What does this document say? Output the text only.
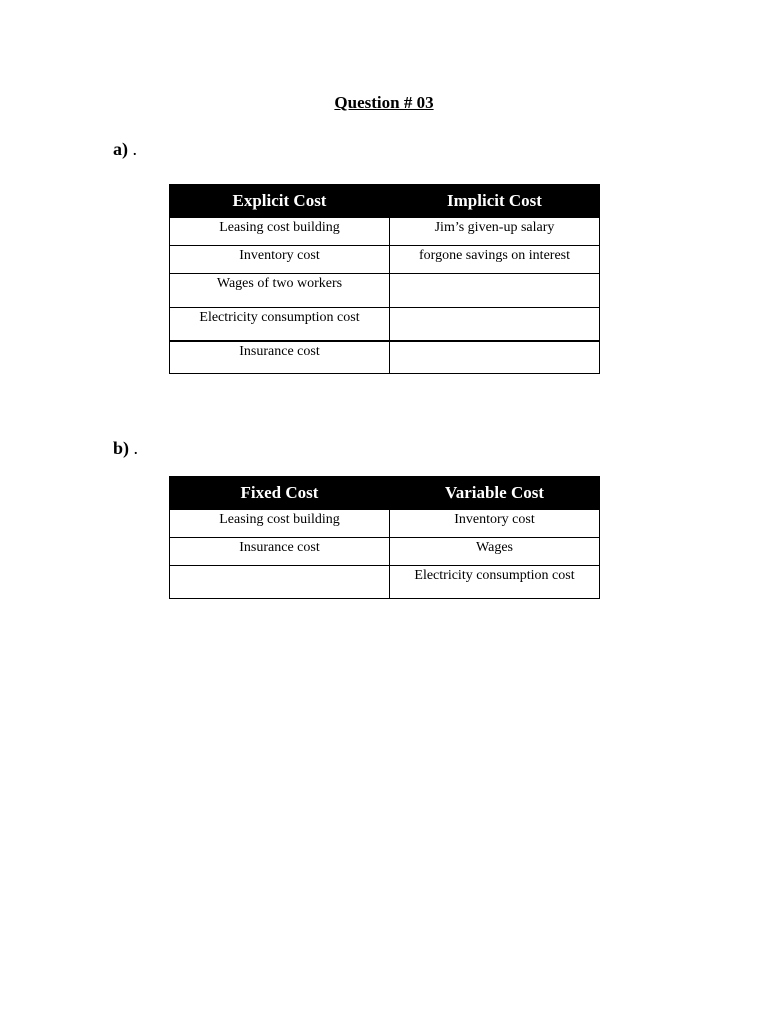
Question # 03

a) .

Explicit Cost	Implicit Cost
Leasing cost building	Jim’s given-up salary
Inventory cost	forgone savings on interest
Wages of two workers	
Electricity consumption cost	
Insurance cost	

b) .

Fixed Cost	Variable Cost
Leasing cost building	Inventory cost
Insurance cost	Wages
	Electricity consumption cost
